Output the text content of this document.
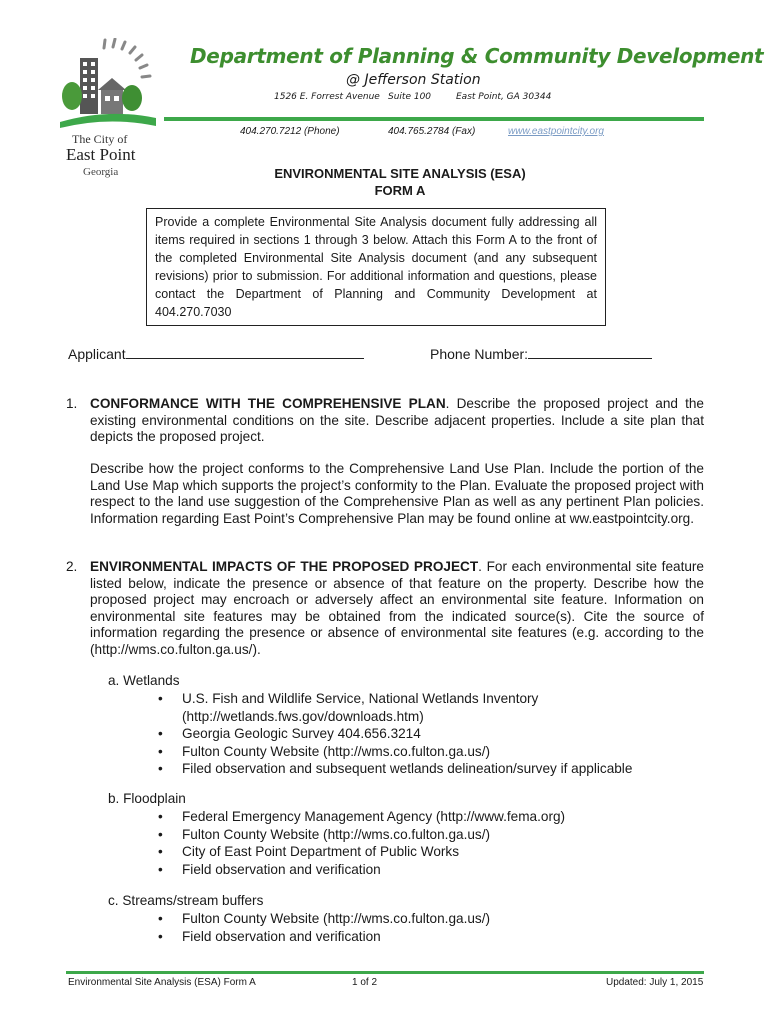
The City of
East Point
Georgia
Department of Planning & Community Development
@ Jefferson Station
1526 E. Forrest Avenue Suite 100	East Point, GA 30344
404.270.7212 (Phone)	404.765.2784 (Fax)	www.eastpointcity.org
ENVIRONMENTAL SITE ANALYSIS (ESA)
FORM A
Provide a complete Environmental Site Analysis document fully addressing all items required in sections 1 through 3 below. Attach this Form A to the front of the completed Environmental Site Analysis document (and any subsequent revisions) prior to submission. For additional information and questions, please contact the Department of Planning and Community Development at 404.270.7030
Applicant	Phone Number:
1. CONFORMANCE WITH THE COMPREHENSIVE PLAN. Describe the proposed project and the existing environmental conditions on the site. Describe adjacent properties. Include a site plan that depicts the proposed project.
Describe how the project conforms to the Comprehensive Land Use Plan. Include the portion of the Land Use Map which supports the project’s conformity to the Plan. Evaluate the proposed project with respect to the land use suggestion of the Comprehensive Plan as well as any pertinent Plan policies. Information regarding East Point’s Comprehensive Plan may be found online at ww.eastpointcity.org.
2. ENVIRONMENTAL IMPACTS OF THE PROPOSED PROJECT. For each environmental site feature listed below, indicate the presence or absence of that feature on the property. Describe how the proposed project may encroach or adversely affect an environmental site feature. Information on environmental site features may be obtained from the indicated source(s). Cite the source of information regarding the presence or absence of environmental site features (e.g. according to the (http://wms.co.fulton.ga.us/).
a. Wetlands
• U.S. Fish and Wildlife Service, National Wetlands Inventory
(http://wetlands.fws.gov/downloads.htm)
• Georgia Geologic Survey 404.656.3214
• Fulton County Website (http://wms.co.fulton.ga.us/)
• Filed observation and subsequent wetlands delineation/survey if applicable
b. Floodplain
• Federal Emergency Management Agency (http://www.fema.org)
• Fulton County Website (http://wms.co.fulton.ga.us/)
• City of East Point Department of Public Works
• Field observation and verification
c. Streams/stream buffers
• Fulton County Website (http://wms.co.fulton.ga.us/)
• Field observation and verification
Environmental Site Analysis (ESA) Form A	1 of 2	Updated: July 1, 2015
